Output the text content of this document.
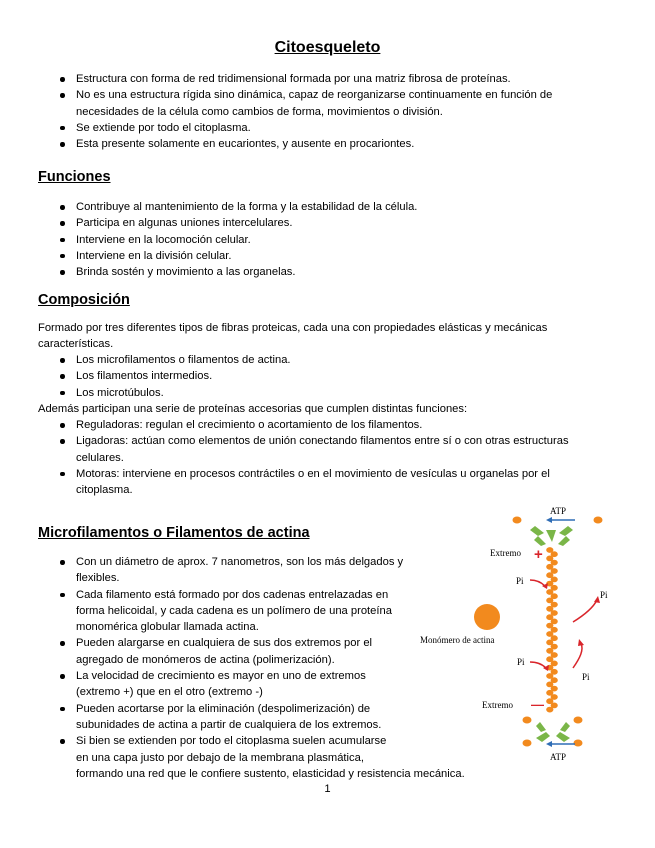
Citoesqueleto
Estructura con forma de red tridimensional formada por una matriz fibrosa de proteínas.
No es una estructura rígida sino dinámica, capaz de reorganizarse continuamente en función de necesidades de la célula como cambios de forma, movimientos o división.
Se extiende por todo el citoplasma.
Esta presente solamente en eucariontes, y ausente en procariontes.
Funciones
Contribuye al mantenimiento de la forma y la estabilidad de la célula.
Participa en algunas uniones intercelulares.
Interviene en la locomoción celular.
Interviene en la división celular.
Brinda sostén y movimiento a las organelas.
Composición
Formado por tres diferentes tipos de fibras proteicas, cada una con propiedades elásticas y mecánicas características.
Los microfilamentos o filamentos de actina.
Los filamentos intermedios.
Los microtúbulos.
Además participan una serie de proteínas accesorias que cumplen distintas funciones:
Reguladoras: regulan el crecimiento o acortamiento de los filamentos.
Ligadoras: actúan como elementos de unión conectando filamentos entre sí o con otras estructuras celulares.
Motoras: interviene en procesos contráctiles o en el movimiento de vesículas u organelas por el citoplasma.
Microfilamentos o Filamentos de actina
Con un diámetro de aprox. 7 nanometros, son los más delgados y flexibles.
Cada filamento está formado por dos cadenas entrelazadas en forma helicoidal, y cada cadena es un polímero de una proteína monomérica globular llamada actina.
Pueden alargarse en cualquiera de sus dos extremos por el agregado de monómeros de actina (polimerización).
La velocidad de crecimiento es mayor en uno de extremos (extremo +) que en el otro (extremo -)
Pueden acortarse por la eliminación (despolimerización) de subunidades de actina a partir de cualquiera de los extremos.
Si bien se extienden por todo el citoplasma suelen acumularse
en una capa justo por debajo de la membrana plasmática,
formando una red que le confiere sustento, elasticidad y resistencia mecánica.
ATP
Extremo +
Pi
Pi
Pi
Pi
Monómero de actina
Extremo —
ATP
1
